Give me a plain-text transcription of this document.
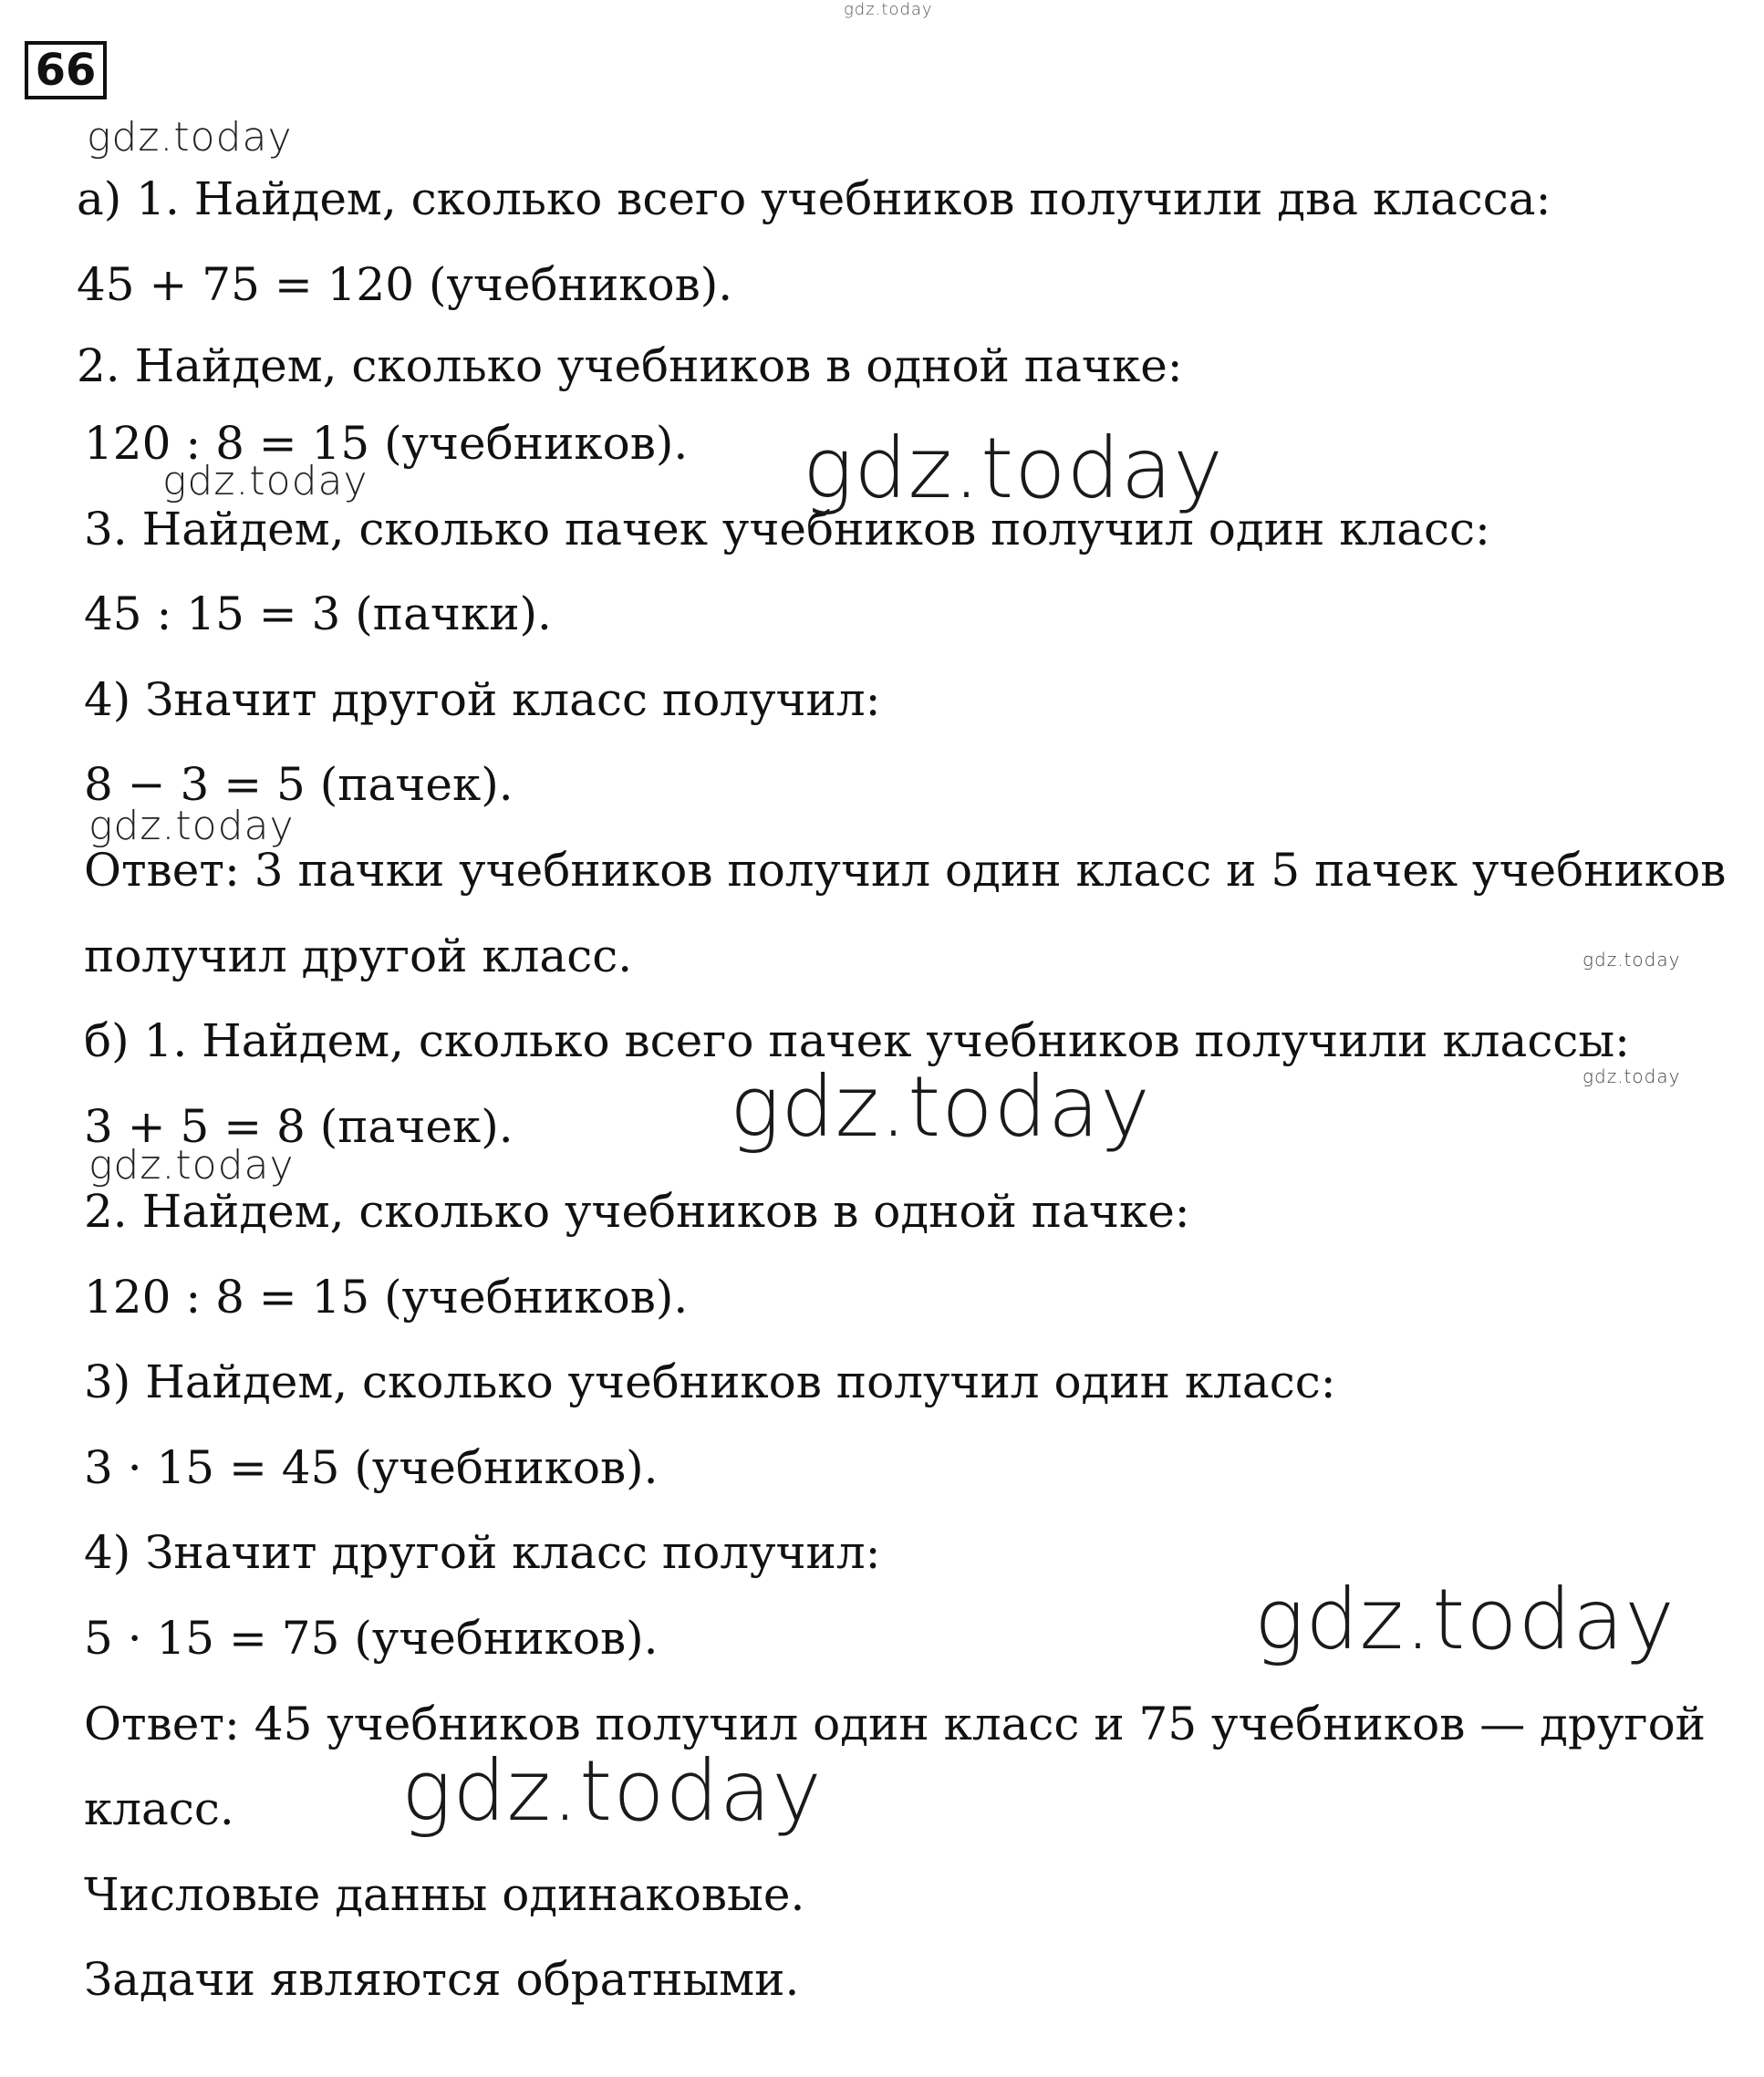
66
а) 1. Найдем, сколько всего учебников получили два класса:
45 + 75 = 120 (учебников).
2. Найдем, сколько учебников в одной пачке:
120 : 8 = 15 (учебников).
3. Найдем, сколько пачек учебников получил один класс:
45 : 15 = 3 (пачки).
4) Значит другой класс получил:
8 − 3 = 5 (пачек).
Ответ: 3 пачки учебников получил один класс и 5 пачек учебников
получил другой класс.
б) 1. Найдем, сколько всего пачек учебников получили классы:
3 + 5 = 8 (пачек).
2. Найдем, сколько учебников в одной пачке:
120 : 8 = 15 (учебников).
3) Найдем, сколько учебников получил один класс:
3 · 15 = 45 (учебников).
4) Значит другой класс получил:
5 · 15 = 75 (учебников).
Ответ: 45 учебников получил один класс и 75 учебников — другой
класс.
Числовые данны одинаковые.
Задачи являются обратными.
gdz.today
gdz.today
gdz.today
gdz.today
gdz.today
gdz.today
gdz.today
gdz.today
gdz.today
gdz.today
gdz.today
